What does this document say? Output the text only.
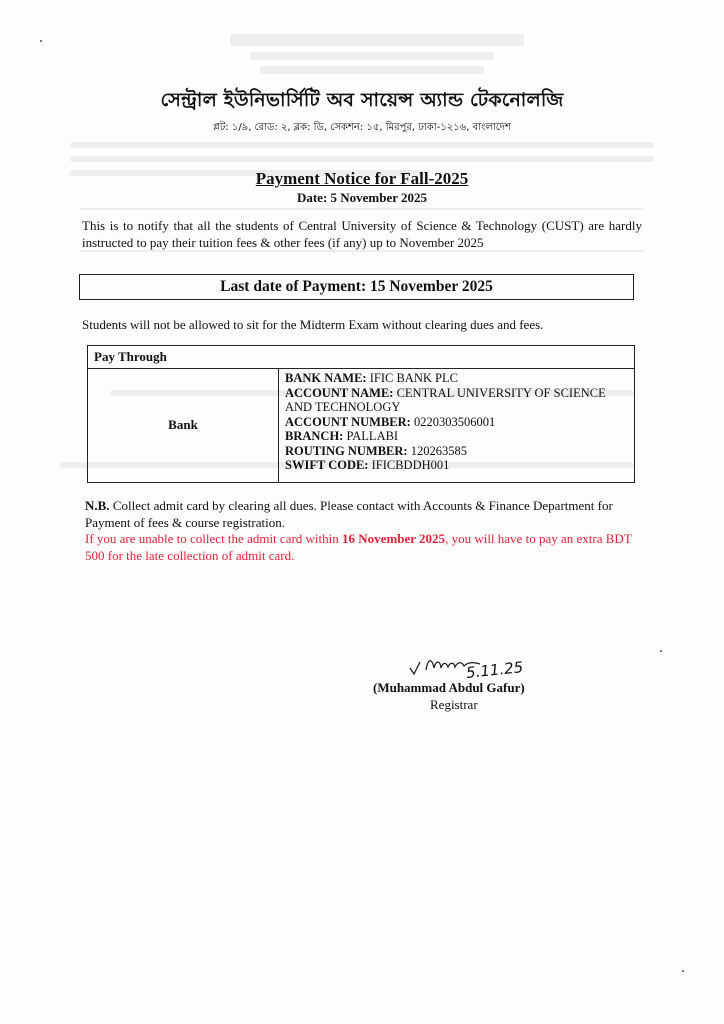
সেন্ট্রাল ইউনিভার্সিটি অব সায়েন্স অ্যান্ড টেকনোলজি
প্লট: ১/৯, রোড: ২, ব্লক: ডি, সেকশন: ১৫, মিরপুর, ঢাকা-১২১৬, বাংলাদেশ
Payment Notice for Fall-2025
Date: 5 November 2025
This is to notify that all the students of Central University of Science & Technology (CUST) are hardly instructed to pay their tuition fees & other fees (if any) up to November 2025
Last date of Payment: 15 November 2025
Students will not be allowed to sit for the Midterm Exam without clearing dues and fees.
Pay Through
Bank
BANK NAME: IFIC BANK PLC
ACCOUNT NAME: CENTRAL UNIVERSITY OF SCIENCE AND TECHNOLOGY
ACCOUNT NUMBER: 0220303506001
BRANCH: PALLABI
ROUTING NUMBER: 120263585
SWIFT CODE: IFICBDDH001
N.B. Collect admit card by clearing all dues. Please contact with Accounts & Finance Department for Payment of fees & course registration.
If you are unable to collect the admit card within 16 November 2025, you will have to pay an extra BDT 500 for the late collection of admit card.
5.11.25
(Muhammad Abdul Gafur)
Registrar
